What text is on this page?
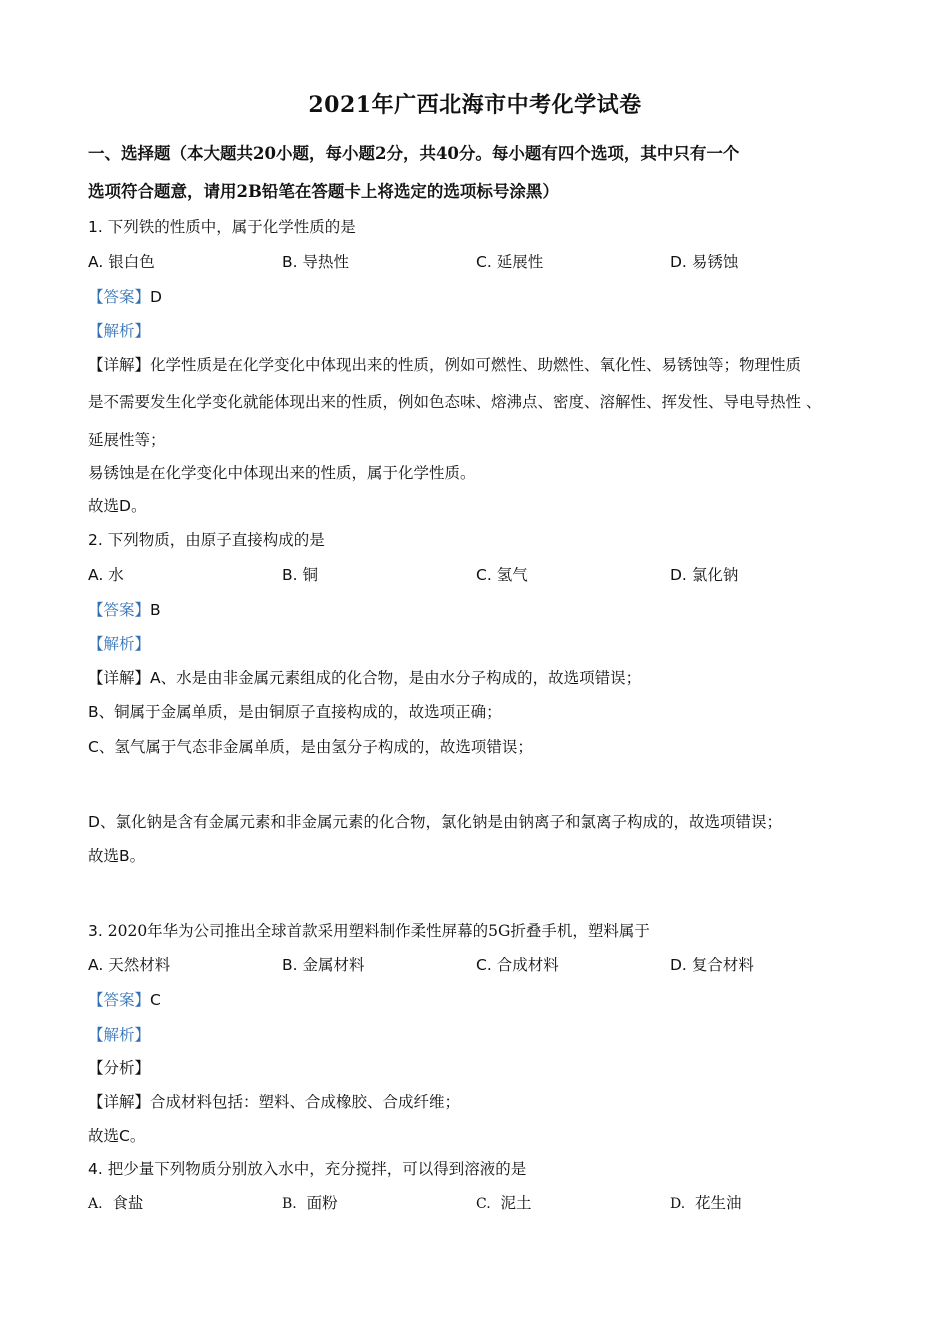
2021年广西北海市中考化学试卷
一、选择题（本大题共20小题，每小题2分，共40分。每小题有四个选项，其中只有一个
选项符合题意，请用2B铅笔在答题卡上将选定的选项标号涂黑）
1. 下列铁的性质中，属于化学性质的是
A. 银白色	B. 导热性	C. 延展性	D. 易锈蚀
【答案】D
【解析】
【详解】化学性质是在化学变化中体现出来的性质，例如可燃性、助燃性、氧化性、易锈蚀等；物理性质
是不需要发生化学变化就能体现出来的性质，例如色态味、熔沸点、密度、溶解性、挥发性、导电导热性 、
延展性等；
易锈蚀是在化学变化中体现出来的性质，属于化学性质。
故选D。
2. 下列物质，由原子直接构成的是
A. 水	B. 铜	C. 氢气	D. 氯化钠
【答案】B
【解析】
【详解】A、水是由非金属元素组成的化合物，是由水分子构成的，故选项错误；
B、铜属于金属单质，是由铜原子直接构成的，故选项正确；
C、氢气属于气态非金属单质，是由氢分子构成的，故选项错误；
D、氯化钠是含有金属元素和非金属元素的化合物，氯化钠是由钠离子和氯离子构成的，故选项错误；
故选B。
3. 2020年华为公司推出全球首款采用塑料制作柔性屏幕的5G折叠手机，塑料属于
A. 天然材料	B. 金属材料	C. 合成材料	D. 复合材料
【答案】C
【解析】
【分析】
【详解】合成材料包括：塑料、合成橡胶、合成纤维；
故选C。
4. 把少量下列物质分别放入水中，充分搅拌，可以得到溶液的是
A. 食盐	B. 面粉	C. 泥土	D. 花生油
